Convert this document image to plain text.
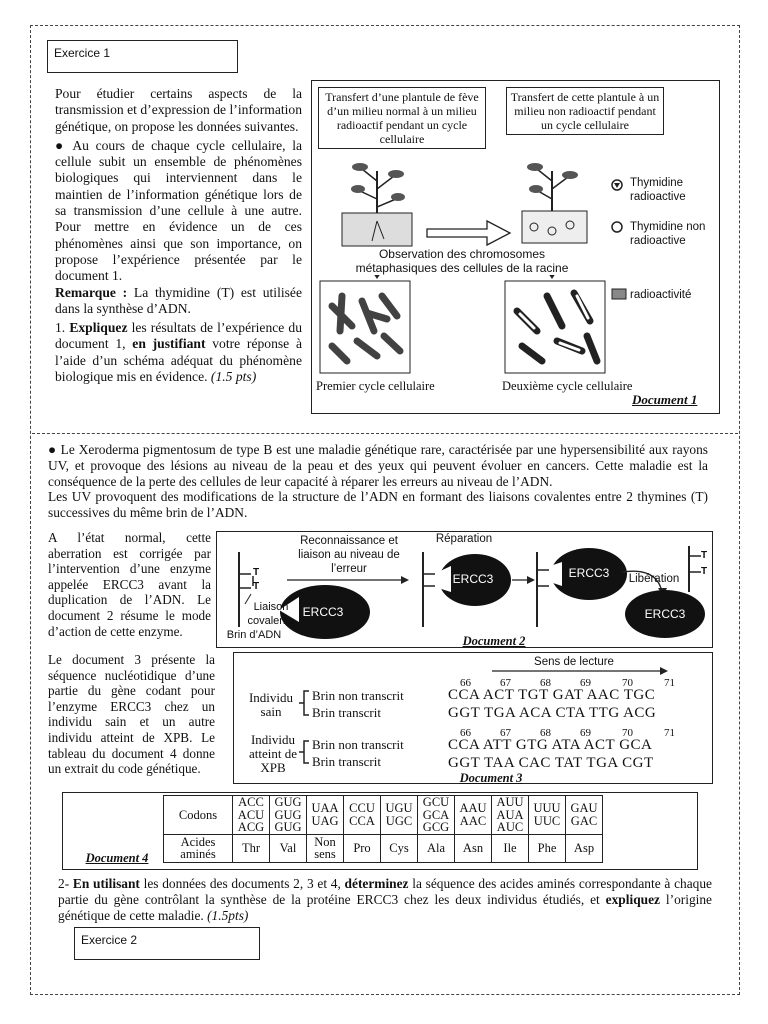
Exercice 1

Pour étudier certains aspects de la transmission et d’expression de l’information génétique, on propose les données suivantes.

● Au cours de chaque cycle cellulaire, la cellule subit un ensemble de phénomènes biologiques qui interviennent dans le maintien de l’information génétique lors de sa transmission d’une cellule à une autre. Pour mettre en évidence un de ces phénomènes ainsi que son importance, on propose l’expérience présentée par le document 1.

Remarque : La thymidine (T) est utilisée dans la synthèse d’ADN.

1. Expliquez les résultats de l’expérience du document 1, en justifiant votre réponse à l’aide d’un schéma adéquat du phénomène biologique mis en évidence. (1.5 pts)

Transfert d’une plantule de fève d’un milieu normal à un milieu radioactif pendant un cycle cellulaire
Transfert de cette plantule à un milieu non radioactif pendant un cycle cellulaire
Thymidine radioactive
Thymidine non radioactive
Observation des chromosomes métaphasiques des cellules de la racine
radioactivité
Premier cycle cellulaire	Deuxième cycle cellulaire
Document 1

● Le Xeroderma pigmentosum de type B est une maladie génétique rare, caractérisée par une hypersensibilité aux rayons UV, et provoque des lésions au niveau de la peau et des yeux qui peuvent évoluer en cancers. Cette maladie est la conséquence de la perte des cellules de leur capacité à réparer les erreurs au niveau de l’ADN.

Les UV provoquent des modifications de la structure de l’ADN en formant des liaisons covalentes entre 2 thymines (T) successives du même brin de l’ADN.

A l’état normal, cette aberration est corrigée par l’intervention d’une enzyme appelée ERCC3 avant la duplication de l’ADN. Le document 2 résume le mode d’action de cette enzyme.
Reconnaissance et liaison au niveau de l’erreur
Réparation
Libération
Liaison covalente
Brin d’ADN
ERCC3
ERCC3	ERCC3
ERCC3
T
T
T
T
Document 2
Le document 3 présente la séquence nucléotidique d’une partie du gène codant pour l’enzyme ERCC3 chez un individu sain et un autre individu atteint de XPB. Le tableau du document 4 donne un extrait du code génétique.
Sens de lecture
66	67	68	69	70	71
Individu sain
Brin non transcrit
Brin transcrit
CCA ACT TGT GAT AAC TGC
GGT TGA ACA CTA TTG ACG
66	67	68	69	70	71
Individu atteint de XPB
Brin non transcrit
Brin transcrit
CCA ATT GTG ATA ACT GCA
GGT TAA CAC TAT TGA CGT
Document 3
Document 4
Codons	ACC ACU ACG	GUG GUG GUG	UAA UAG	CCU CCA	UGU UGC	GCU GCA GCG	AAU AAC	AUU AUA AUC	UUU UUC	GAU GAC
Acides aminés	Thr	Val	Non sens	Pro	Cys	Ala	Asn	Ile	Phe	Asp
2- En utilisant les données des documents 2, 3 et 4, déterminez la séquence des acides aminés correspondante à chaque partie du gène contrôlant la synthèse de la protéine ERCC3 chez les deux individus étudiés, et expliquez l’origine génétique de cette maladie. (1.5pts)
Exercice 2
